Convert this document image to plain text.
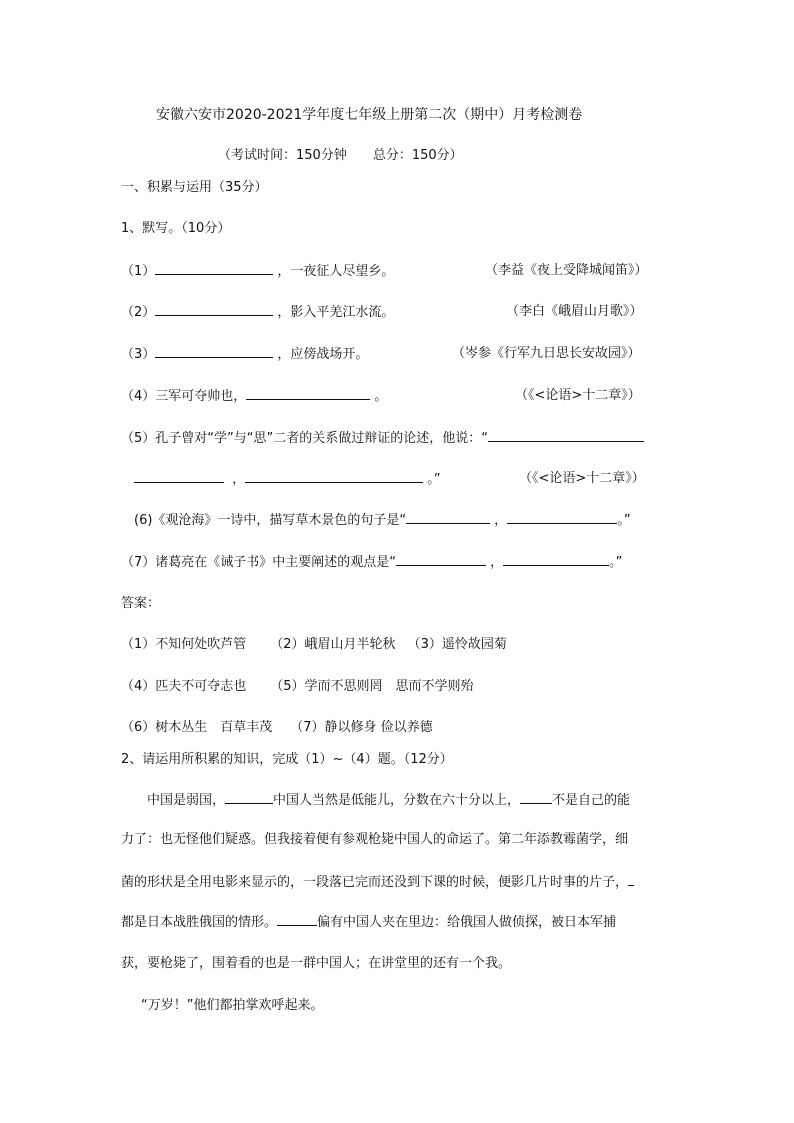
安徽六安市2020-2021学年度七年级上册第二次（期中）月考检测卷
（考试时间：150分钟　　总分：150分）
一、积累与运用（35分）
1、默写。（10分）
（1）	，一夜征人尽望乡。	（李益《夜上受降城闻笛》）
（2）	，影入平羌江水流。	（李白《峨眉山月歌》）
（3）	，应傍战场开。	（岑参《行军九日思长安故园》）
（4）三军可夺帅也，	。	（《<论语>十二章》）
（5）孔子曾对“学”与“思”二者的关系做过辩证的论述，他说：“
，	。”	（《<论语>十二章》）
(6)《观沧海》一诗中，描写草木景色的句子是“	，	。”
（7）诸葛亮在《诫子书》中主要阐述的观点是“	，	。”
答案：
（1）不知何处吹芦管 （2）峨眉山月半轮秋 （3）遥怜故园菊
（4）匹夫不可夺志也 （5）学而不思则罔　思而不学则殆
（6）树木丛生　百草丰茂 （7）静以修身 俭以养德
2、请运用所积累的知识，完成（1）~（4）题。（12分）
中国是弱国，	中国人当然是低能儿，分数在六十分以上， 不是自己的能
力了：也无怪他们疑惑。但我接着便有参观枪毙中国人的命运了。第二年添教霉菌学，细
菌的形状是全用电影来显示的，一段落已完而还没到下课的时候，便影几片时事的片子，
都是日本战胜俄国的情形。	偏有中国人夹在里边：给俄国人做侦探，被日本军捕
获，要枪毙了，围着看的也是一群中国人；在讲堂里的还有一个我。
“万岁！”他们都拍掌欢呼起来。
